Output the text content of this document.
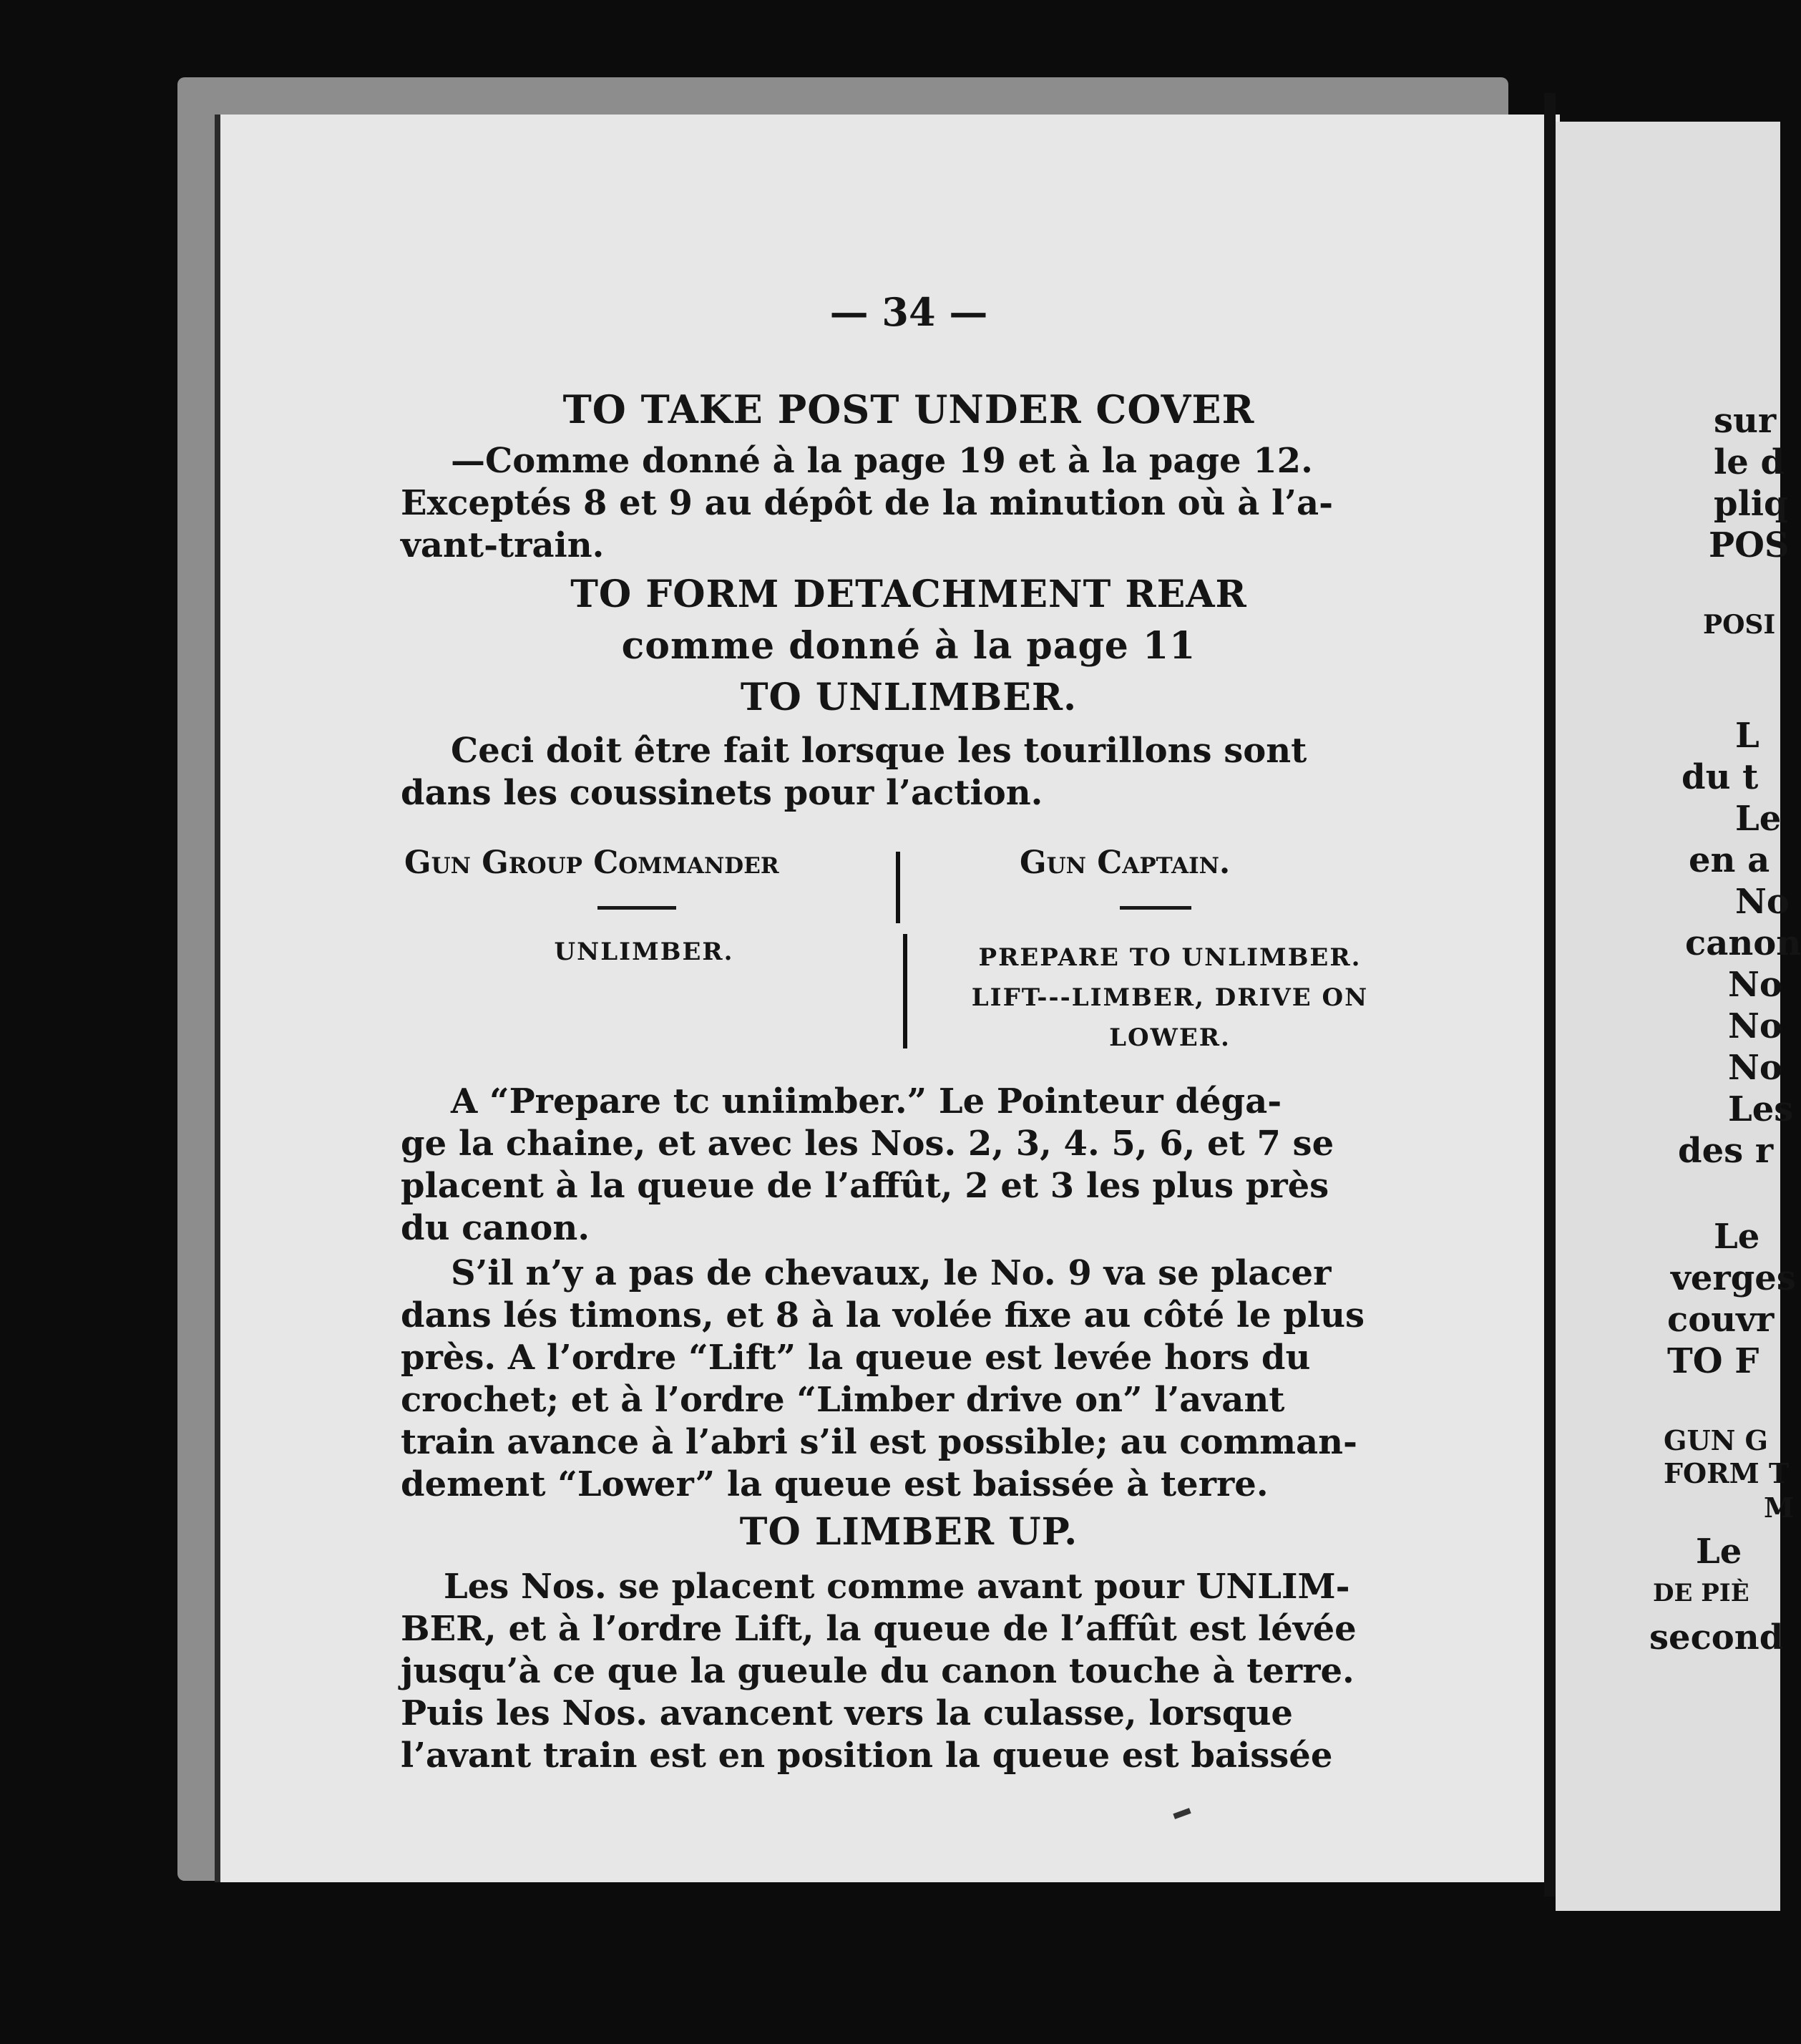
— 34 —
TO TAKE POST UNDER COVER
—Comme donné à la page 19 et à la page 12.
Exceptés 8 et 9 au dépôt de la minution où à l’a-
vant-train.
TO FORM DETACHMENT REAR
comme donné à la page 11
TO UNLIMBER.
Ceci doit être fait lorsque les tourillons sont
dans les coussinets pour l’action.
Gun Group Commander	Gun Captain.
UNLIMBER.	PREPARE TO UNLIMBER.
LIFT---LIMBER, DRIVE ON
LOWER.
A “Prepare tc uniimber.” Le Pointeur déga-
ge la chaine, et avec les Nos. 2, 3, 4. 5, 6, et 7 se
placent à la queue de l’affût, 2 et 3 les plus près
du canon.
S’il n’y a pas de chevaux, le No. 9 va se placer
dans lés timons, et 8 à la volée fixe au côté le plus
près. A l’ordre “Lift” la queue est levée hors du
crochet; et à l’ordre “Limber drive on” l’avant
train avance à l’abri s’il est possible; au comman-
dement “Lower” la queue est baissée à terre.
TO LIMBER UP.
Les Nos. se placent comme avant pour UNLIM-
BER, et à l’ordre Lift, la queue de l’affût est lévée
jusqu’à ce que la gueule du canon touche à terre.
Puis les Nos. avancent vers la culasse, lorsque
l’avant train est en position la queue est baissée
sur
le d
pliq
POS
POSI
L
du t
Le
en a
No
canon
No
No
No
Les
des r
Le
verges
couvr
TO F
GUN G
FORM T
M
Le
DE PIÈ
second
